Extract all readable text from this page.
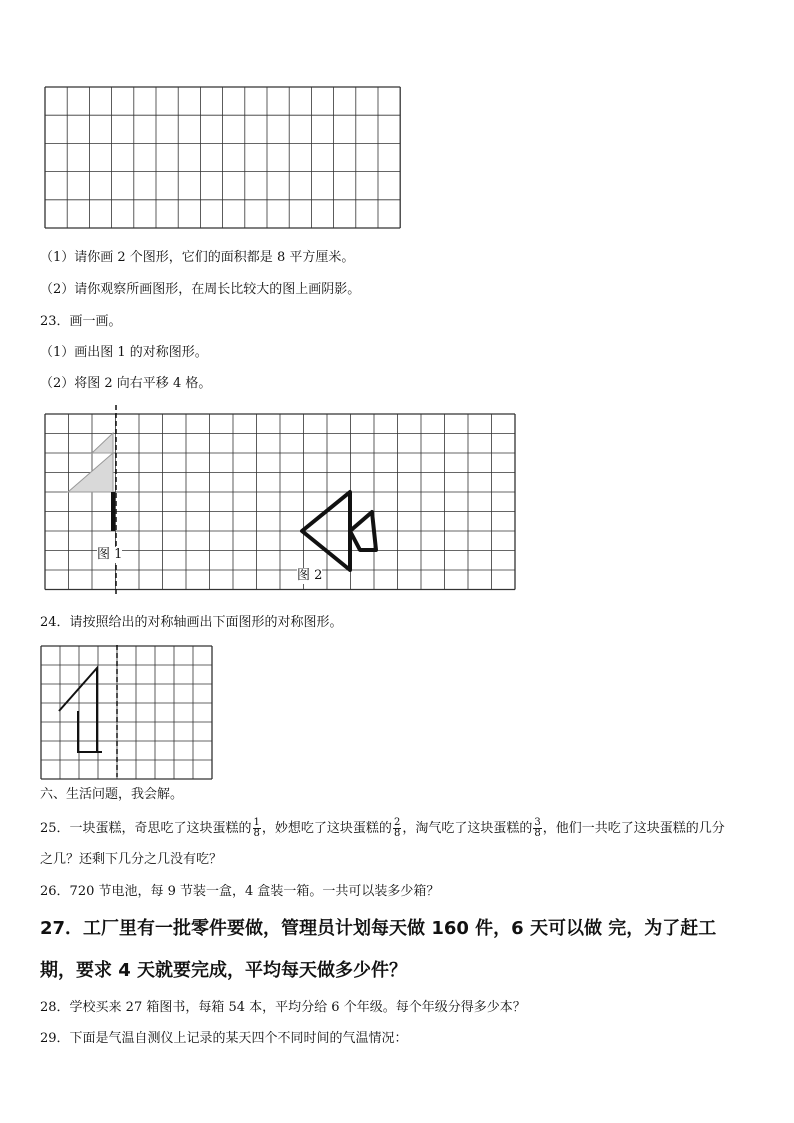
（1）请你画 2 个图形，它们的面积都是 8 平方厘米。
（2）请你观察所画图形，在周长比较大的图上画阴影。
23．画一画。
（1）画出图 1 的对称图形。
（2）将图 2 向右平移 4 格。
图 1
图 2
24．请按照给出的对称轴画出下面图形的对称图形。
六、生活问题，我会解。
25．一块蛋糕，奇思吃了这块蛋糕的 $\frac{1}{8}$ ，妙想吃了这块蛋糕的 $\frac{2}{8}$ ，淘气吃了这块蛋糕的 $\frac{3}{8}$ ，他们一共吃了这块蛋糕的几分
之几？还剩下几分之几没有吃？
26．720 节电池，每 9 节装一盒，4 盒装一箱。一共可以装多少箱？
27．工厂里有一批零件要做，管理员计划每天做 160 件，6 天可以做 完，为了赶工
期，要求 4 天就要完成，平均每天做多少件？
28．学校买来 27 箱图书，每箱 54 本，平均分给 6 个年级。每个年级分得多少本？
29．下面是气温自测仪上记录的某天四个不同时间的气温情况：
